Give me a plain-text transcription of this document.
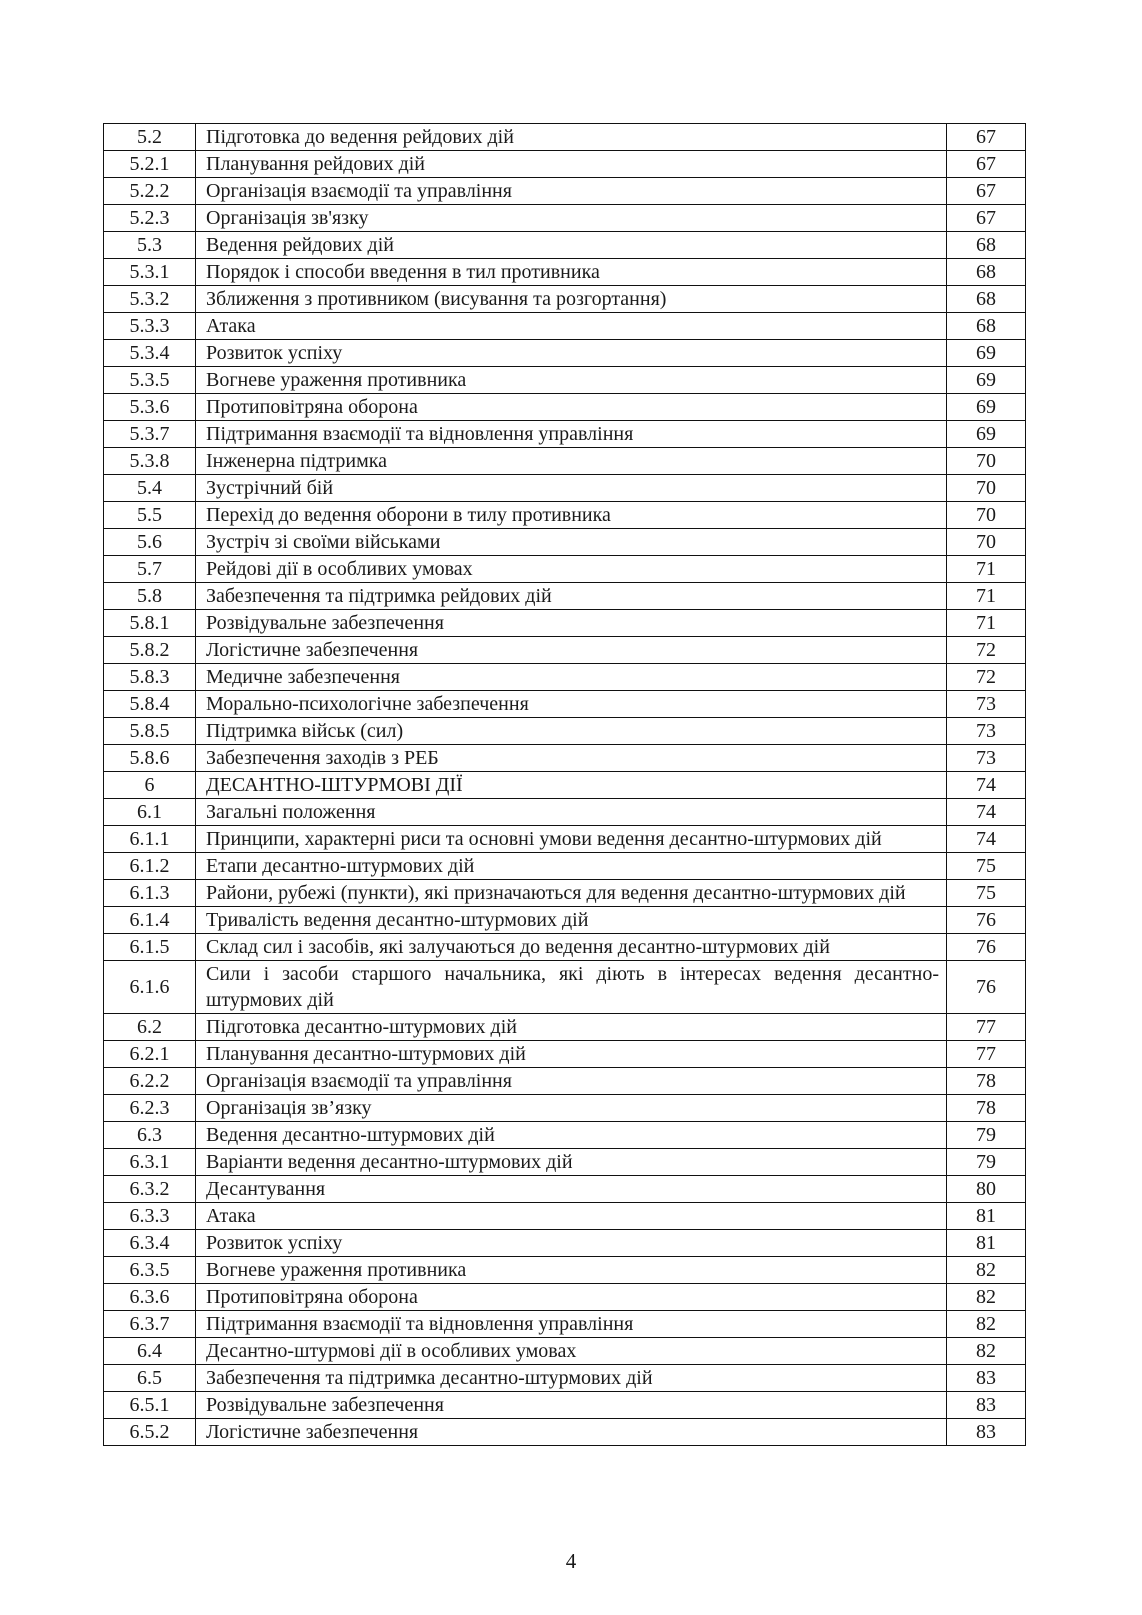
5.2	Підготовка до ведення рейдових дій	67
5.2.1	Планування рейдових дій	67
5.2.2	Організація взаємодії та управління	67
5.2.3	Організація зв'язку	67
5.3	Ведення рейдових дій	68
5.3.1	Порядок і способи введення в тил противника	68
5.3.2	Зближення з противником (висування та розгортання)	68
5.3.3	Атака	68
5.3.4	Розвиток успіху	69
5.3.5	Вогневе ураження противника	69
5.3.6	Протиповітряна оборона	69
5.3.7	Підтримання взаємодії та відновлення управління	69
5.3.8	Інженерна підтримка	70
5.4	Зустрічний бій	70
5.5	Перехід до ведення оборони в тилу противника	70
5.6	Зустріч зі своїми військами	70
5.7	Рейдові дії в особливих умовах	71
5.8	Забезпечення та підтримка рейдових дій	71
5.8.1	Розвідувальне забезпечення	71
5.8.2	Логістичне забезпечення	72
5.8.3	Медичне забезпечення	72
5.8.4	Морально-психологічне забезпечення	73
5.8.5	Підтримка військ (сил)	73
5.8.6	Забезпечення заходів з РЕБ	73
6	ДЕСАНТНО-ШТУРМОВІ ДІЇ	74
6.1	Загальні положення	74
6.1.1	Принципи, характерні риси та основні умови ведення десантно-штурмових дій	74
6.1.2	Етапи десантно-штурмових дій	75
6.1.3	Райони, рубежі (пункти), які призначаються для ведення десантно-штурмових дій	75
6.1.4	Тривалість ведення десантно-штурмових дій	76
6.1.5	Склад сил і засобів, які залучаються до ведення десантно-штурмових дій	76
6.1.6	Сили і засоби старшого начальника, які діють в інтересах ведення десантно-штурмових дій	76
6.2	Підготовка десантно-штурмових дій	77
6.2.1	Планування десантно-штурмових дій	77
6.2.2	Організація взаємодії та управління	78
6.2.3	Організація зв’язку	78
6.3	Ведення десантно-штурмових дій	79
6.3.1	Варіанти ведення десантно-штурмових дій	79
6.3.2	Десантування	80
6.3.3	Атака	81
6.3.4	Розвиток успіху	81
6.3.5	Вогневе ураження противника	82
6.3.6	Протиповітряна оборона	82
6.3.7	Підтримання взаємодії та відновлення управління	82
6.4	Десантно-штурмові дії в особливих умовах	82
6.5	Забезпечення та підтримка десантно-штурмових дій	83
6.5.1	Розвідувальне забезпечення	83
6.5.2	Логістичне забезпечення	83
4
